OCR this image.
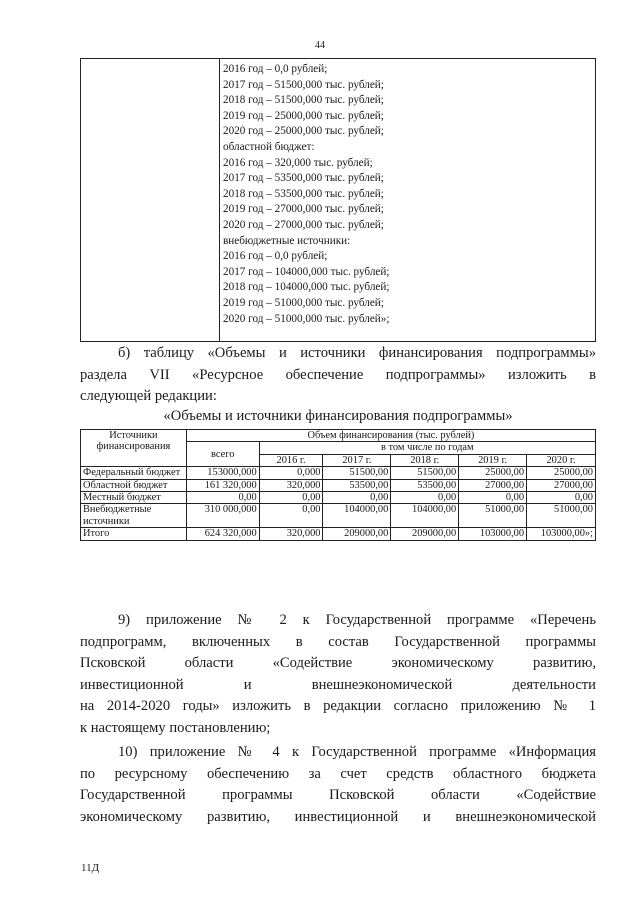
44
2016 год – 0,0 рублей;
2017 год – 51500,000 тыс. рублей;
2018 год – 51500,000 тыс. рублей;
2019 год – 25000,000 тыс. рублей;
2020 год – 25000,000 тыс. рублей;
областной бюджет:
2016 год – 320,000 тыс. рублей;
2017 год – 53500,000 тыс. рублей;
2018 год – 53500,000 тыс. рублей;
2019 год – 27000,000 тыс. рублей;
2020 год – 27000,000 тыс. рублей;
внебюджетные источники:
2016 год – 0,0 рублей;
2017 год – 104000,000 тыс. рублей;
2018 год – 104000,000 тыс. рублей;
2019 год – 51000,000 тыс. рублей;
2020 год – 51000,000 тыс. рублей»;
б) таблицу «Объемы и источники финансирования подпрограммы»
раздела VII «Ресурсное обеспечение подпрограммы» изложить в
следующей редакции:
«Объемы и источники финансирования подпрограммы»
Источники финансирования	Объем финансирования (тыс. рублей)					
	всего	в том числе по годам				
		2016 г.	2017 г.	2018 г.	2019 г.	2020 г.
Федеральный бюджет	153000,000	0,000	51500,00	51500,00	25000,00	25000,00
Областной бюджет	161 320,000	320,000	53500,00	53500,00	27000,00	27000,00
Местный бюджет	0,00	0,00	0,00	0,00	0,00	0,00
Внебюджетные источники	310 000,000	0,00	104000,00	104000,00	51000,00	51000,00
Итого	624 320,000	320,000	209000,00	209000,00	103000,00	103000,00»;
9) приложение № 2 к Государственной программе «Перечень
подпрограмм, включенных в состав Государственной программы
Псковской области «Содействие экономическому развитию,
инвестиционной и внешнеэкономической деятельности
на 2014-2020 годы» изложить в редакции согласно приложению № 1
к настоящему постановлению;
10) приложение № 4 к Государственной программе «Информация
по ресурсному обеспечению за счет средств областного бюджета
Государственной программы Псковской области «Содействие
экономическому развитию, инвестиционной и внешнеэкономической
11Д
